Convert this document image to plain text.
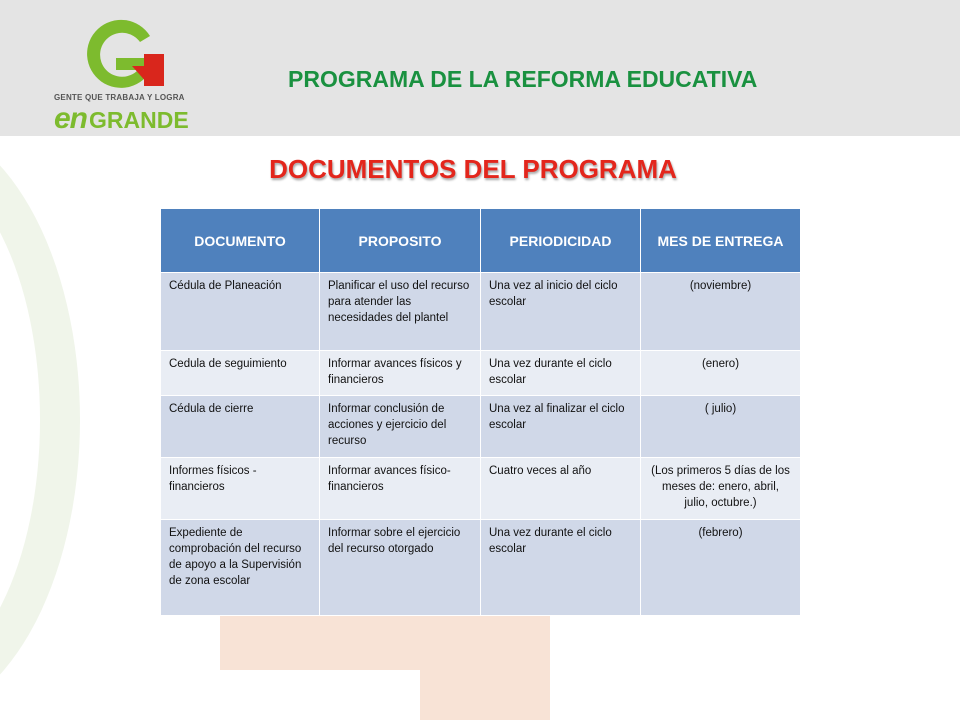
GENTE QUE TRABAJA Y LOGRA
enGRANDE
PROGRAMA DE LA REFORMA EDUCATIVA
DOCUMENTOS DEL PROGRAMA
DOCUMENTO	PROPOSITO	PERIODICIDAD	MES DE ENTREGA
Cédula de Planeación	Planificar el uso del recurso para atender las necesidades del plantel	Una vez al inicio del ciclo escolar	(noviembre)
Cedula de seguimiento	Informar avances físicos y financieros	Una vez durante el ciclo escolar	(enero)
Cédula de cierre	Informar conclusión de acciones y ejercicio del recurso	Una vez al finalizar el ciclo escolar	( julio)
Informes físicos - financieros	Informar avances físico-financieros	Cuatro veces al año	(Los primeros 5 días de los meses de: enero, abril, julio, octubre.)
Expediente de comprobación del recurso de apoyo a la Supervisión de zona escolar	Informar sobre el ejercicio del recurso otorgado	Una vez durante el ciclo escolar	(febrero)
